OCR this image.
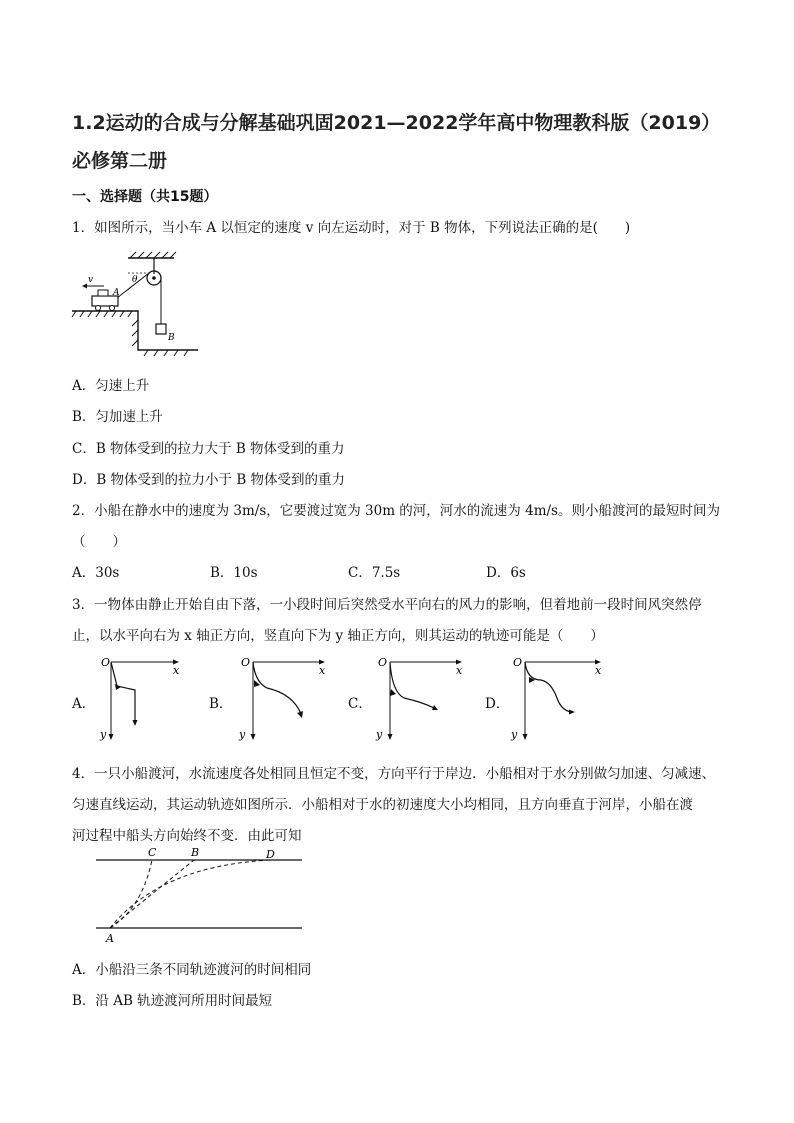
1.2运动的合成与分解基础巩固2021—2022学年高中物理教科版（2019）
必修第二册
一、选择题（共15题）
1．如图所示，当小车 A 以恒定的速度 v 向左运动时，对于 B 物体，下列说法正确的是(　　)
B
θ
A
v
A．匀速上升
B．匀加速上升
C．B 物体受到的拉力大于 B 物体受到的重力
D．B 物体受到的拉力小于 B 物体受到的重力
2．小船在静水中的速度为 3m/s，它要渡过宽为 30m 的河，河水的流速为 4m/s。则小船渡河的最短时间为
（　　）
A．30s	B．10s	C．7.5s	D．6s
3．一物体由静止开始自由下落，一小段时间后突然受水平向右的风力的影响，但着地前一段时间风突然停
止，以水平向右为 x 轴正方向，竖直向下为 y 轴正方向，则其运动的轨迹可能是（　　）
A．	B．	C．	D．
O
x
y
O
x
y
O
x
y
O
x
y
4．一只小船渡河，水流速度各处相同且恒定不变，方向平行于岸边．小船相对于水分别做匀加速、匀减速、
匀速直线运动，其运动轨迹如图所示．小船相对于水的初速度大小均相同，且方向垂直于河岸，小船在渡
河过程中船头方向始终不变．由此可知
C	B	D
A
A．小船沿三条不同轨迹渡河的时间相同
B．沿 AB 轨迹渡河所用时间最短
